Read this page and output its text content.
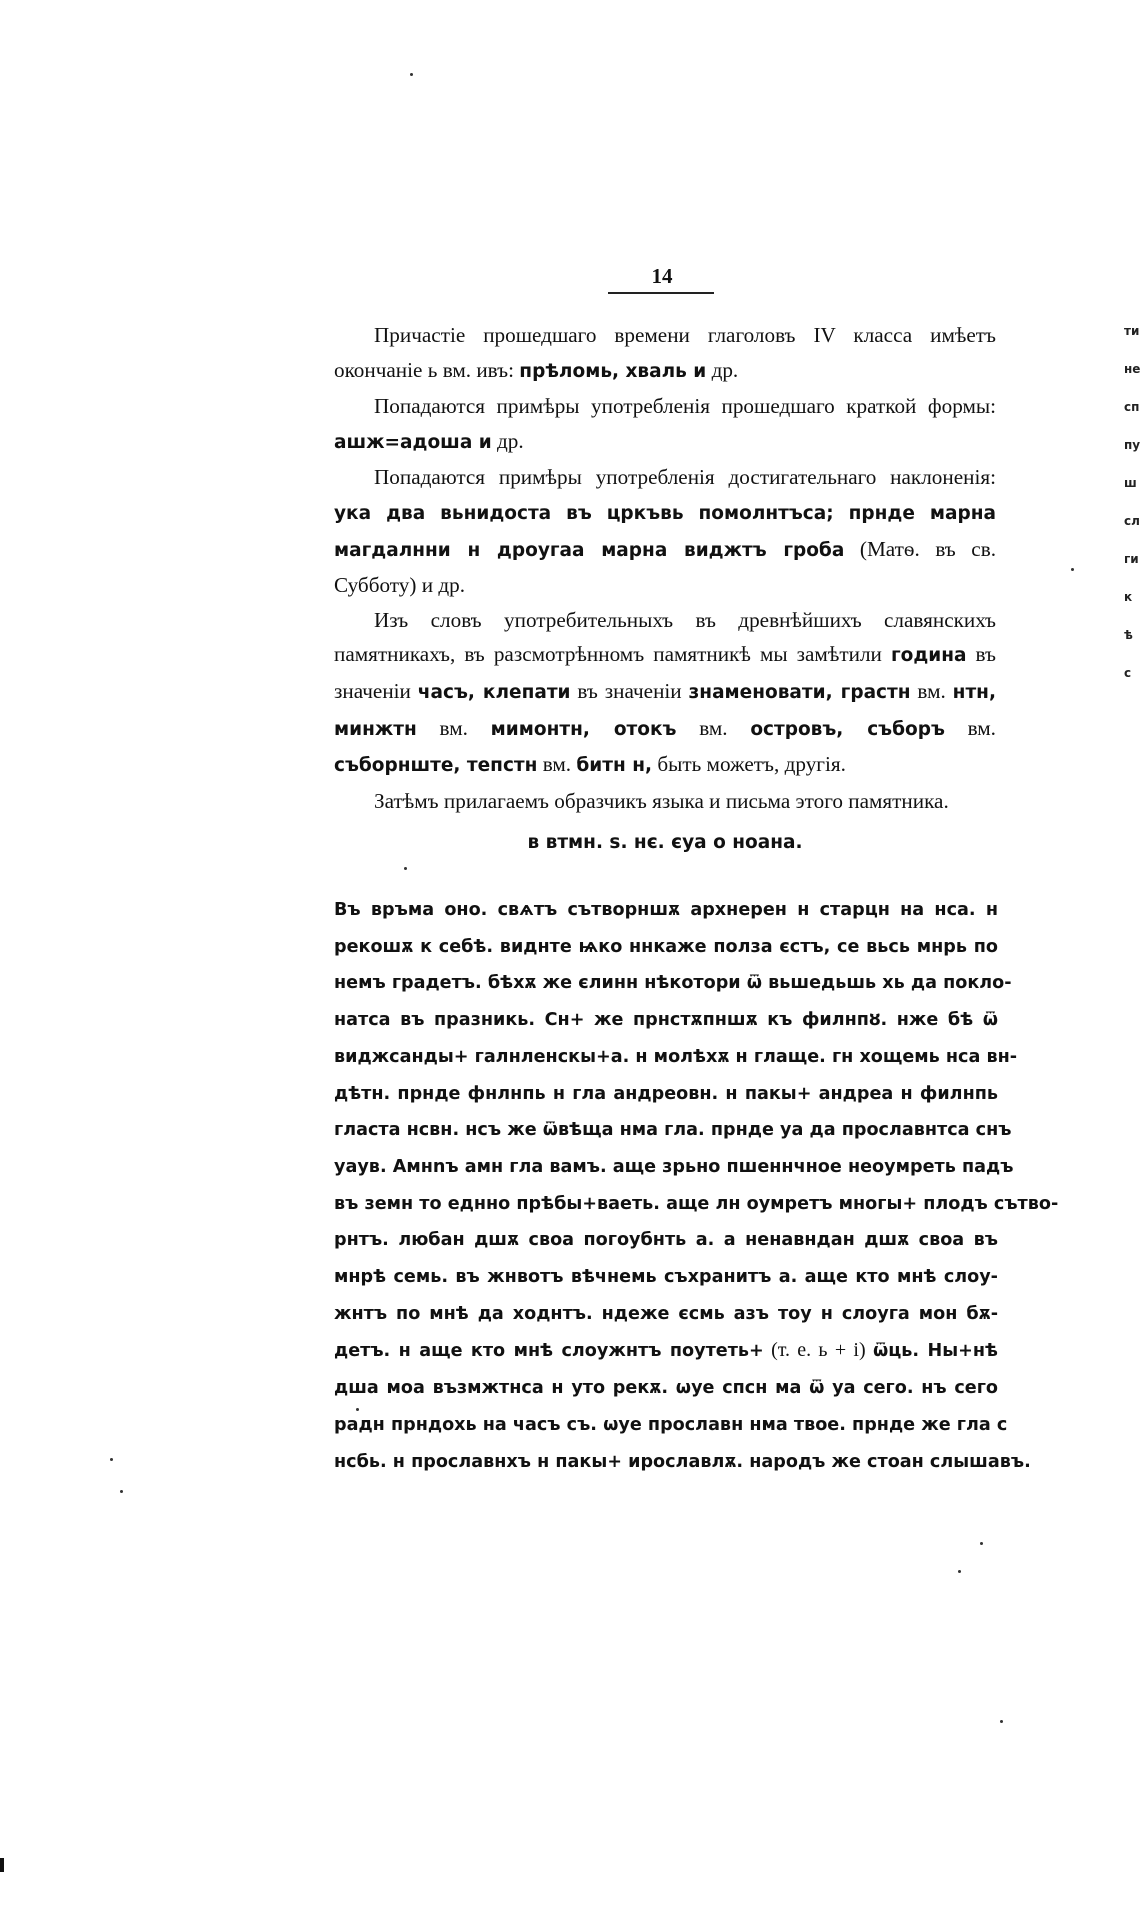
14

Причастіе прошедшаго времени глаголовъ IV класса имѣетъ окончаніе ь вм. ивъ: прѣломь, хваль и др.

Попадаются примѣры употребленія прошедшаго краткой формы: ашж=адоша и др.

Попадаются примѣры употребленія достигательнаго наклоненія: ука два вьнидоста въ цркъвь помолнтъса; прнде марна магдалнни н дроугаа марна виджтъ гроба (Матѳ. въ св. Субботу) и др.

Изъ словъ употребительныхъ въ древнѣйшихъ славянскихъ памятникахъ, въ разсмотрѣнномъ памятникѣ мы замѣтили година въ значеніи часъ, клепати въ значеніи знаменовати, грастн вм. нтн, минжтн вм. мимонтн, отокъ вм. островъ, съборъ вм. съборнште, тепстн вм. битн н, быть можетъ, другія.

Затѣмъ прилагаемъ образчикъ языка и письма этого памятника.

в втмн. ѕ. нє. єуа о нoана.
Въ връма оно. свѧтъ сътворншѫ архнерен н старцн на нса. н
рекошѫ к себѣ. виднте ѩко ннкаже полза єстъ, се вьсь мнрь по
немъ градетъ. бѣхѫ же єлинн нѣкотори ѿ вьшедьшь хь да покло-
натса въ празникь. Сн+ же прнстѫпншѫ къ филнпȣ. нже бѣ ѿ
виджсанды+ галнленскы+а. н молѣхѫ н глаще. гн хощемь нса вн-
дѣтн. прнде фнлнпь н гла андреовн. н пакы+ андреа н филнпь
гласта нсвн. нсъ же ѿвѣща нма гла. прнде уа да прославнтса снъ
уаув. Амнnъ амн гла вамъ. аще зрьно пшеннчное неоумреть падъ
въ земн то еднно прѣбы+ваеть. аще лн оумретъ многы+ плодъ сътво-
рнтъ. любан дшѫ своа погоубнть а. а ненавндан дшѫ своа въ
мнрѣ семь. въ жнвотъ вѣчнемь съхранитъ а. аще кто мнѣ слоу-
жнтъ по мнѣ да ходнтъ. ндеже єсмь азъ тоу н слоуга мон бѫ-
детъ. н аще кто мнѣ слоужнтъ поутеть+ (т. е. ь + і) ѿць. Ны+нѣ
дша моа възмжтнса н уто рекѫ. ѡуе спсн ма ѿ уа сего. нъ сего
радн прндохь на часъ съ. ѡуе прославн нма твое. прнде же гла с
нсбь. н прославнхъ н пакы+ ирославлѫ. народъ же стоан слышавъ.
ти
не
сп
пу
ш
сл
ги
к
ѣ
с
